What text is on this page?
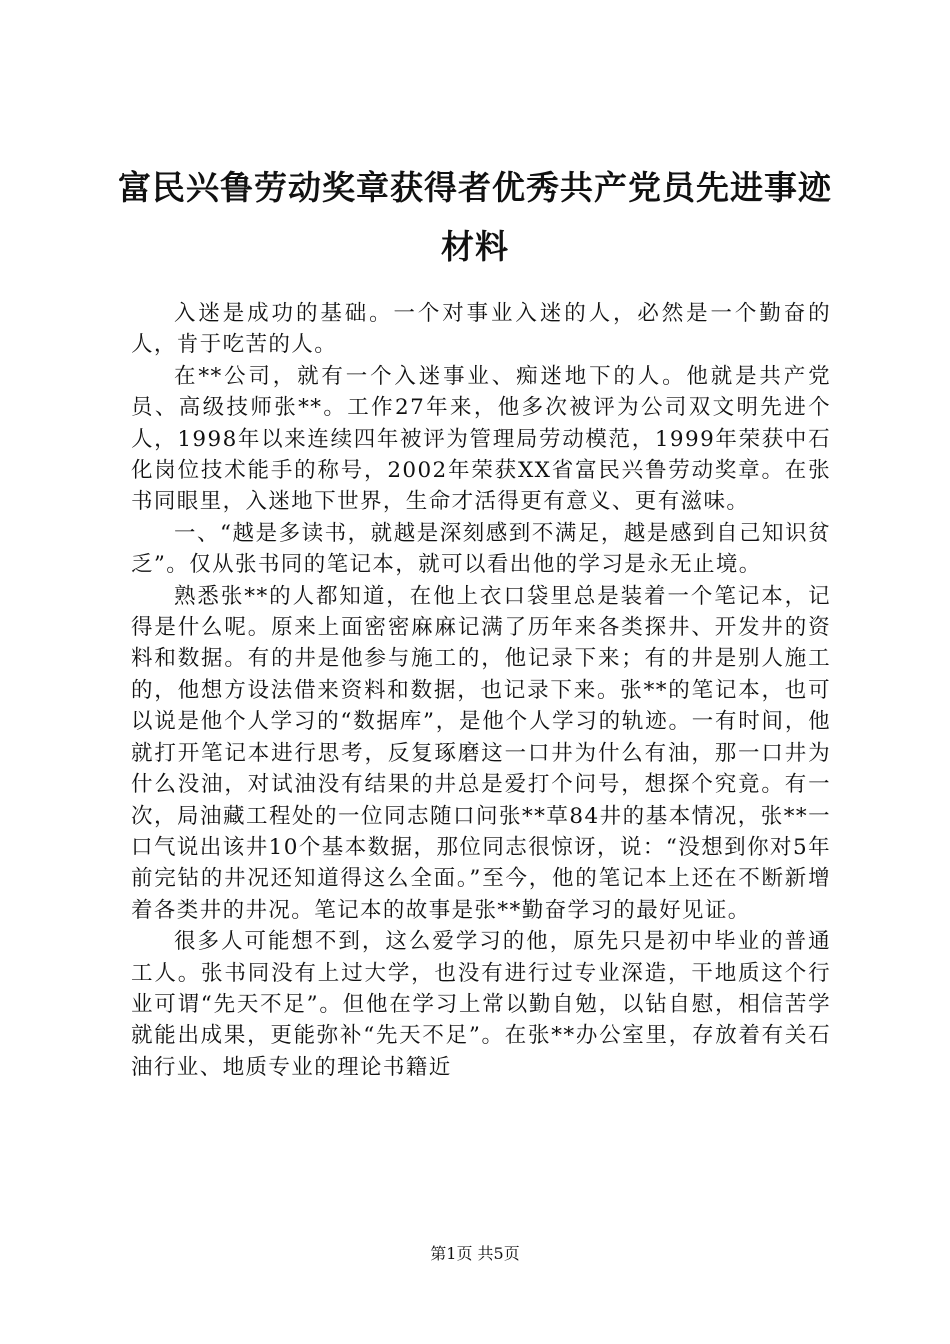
富民兴鲁劳动奖章获得者优秀共产党员先进事迹材料

入迷是成功的基础。一个对事业入迷的人，必然是一个勤奋的人，肯于吃苦的人。

在**公司，就有一个入迷事业、痴迷地下的人。他就是共产党员、高级技师张**。工作27年来，他多次被评为公司双文明先进个人，1998年以来连续四年被评为管理局劳动模范，1999年荣获中石化岗位技术能手的称号，2002年荣获XX省富民兴鲁劳动奖章。在张书同眼里，入迷地下世界，生命才活得更有意义、更有滋味。

一、“越是多读书，就越是深刻感到不满足，越是感到自己知识贫乏”。仅从张书同的笔记本，就可以看出他的学习是永无止境。

熟悉张**的人都知道，在他上衣口袋里总是装着一个笔记本，记得是什么呢。原来上面密密麻麻记满了历年来各类探井、开发井的资料和数据。有的井是他参与施工的，他记录下来；有的井是别人施工的，他想方设法借来资料和数据，也记录下来。张**的笔记本，也可以说是他个人学习的“数据库”，是他个人学习的轨迹。一有时间，他就打开笔记本进行思考，反复琢磨这一口井为什么有油，那一口井为什么没油，对试油没有结果的井总是爱打个问号，想探个究竟。有一次，局油藏工程处的一位同志随口问张**草84井的基本情况，张**一口气说出该井10个基本数据，那位同志很惊讶，说：“没想到你对5年前完钻的井况还知道得这么全面。”至今，他的笔记本上还在不断新增着各类井的井况。笔记本的故事是张**勤奋学习的最好见证。

很多人可能想不到，这么爱学习的他，原先只是初中毕业的普通工人。张书同没有上过大学，也没有进行过专业深造，干地质这个行业可谓“先天不足”。但他在学习上常以勤自勉，以钻自慰，相信苦学就能出成果，更能弥补“先天不足”。在张**办公室里，存放着有关石油行业、地质专业的理论书籍近

第1页 共5页
